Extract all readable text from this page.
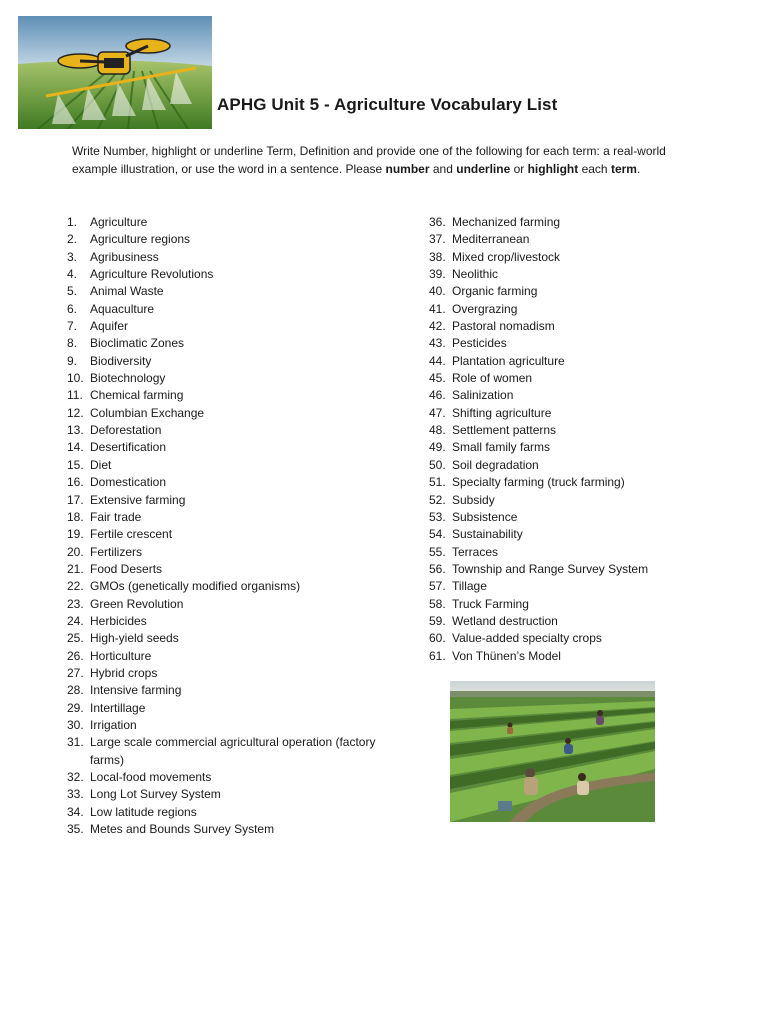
APHG Unit 5 - Agriculture Vocabulary List
Write Number, highlight or underline Term, Definition and provide one of the following for each term: a real-world example illustration, or use the word in a sentence. Please number and underline or highlight each term.
1.	Agriculture
2.	Agriculture regions
3.	Agribusiness
4.	Agriculture Revolutions
5.	Animal Waste
6.	Aquaculture
7.	Aquifer
8.	Bioclimatic Zones
9.	Biodiversity
10. Biotechnology
11. Chemical farming
12. Columbian Exchange
13. Deforestation
14. Desertification
15. Diet
16. Domestication
17. Extensive farming
18. Fair trade
19. Fertile crescent
20. Fertilizers
21. Food Deserts
22. GMOs (genetically modified organisms)
23. Green Revolution
24. Herbicides
25. High-yield seeds
26. Horticulture
27. Hybrid crops
28. Intensive farming
29. Intertillage
30. Irrigation
31. Large scale commercial agricultural operation (factory farms)
32. Local-food movements
33. Long Lot Survey System
34. Low latitude regions
35. Metes and Bounds Survey System
36. Mechanized farming
37. Mediterranean
38. Mixed crop/livestock
39. Neolithic
40. Organic farming
41. Overgrazing
42. Pastoral nomadism
43. Pesticides
44. Plantation agriculture
45. Role of women
46. Salinization
47. Shifting agriculture
48. Settlement patterns
49. Small family farms
50. Soil degradation
51. Specialty farming (truck farming)
52. Subsidy
53. Subsistence
54. Sustainability
55. Terraces
56. Township and Range Survey System
57. Tillage
58. Truck Farming
59. Wetland destruction
60. Value-added specialty crops
61. Von Thünen’s Model
